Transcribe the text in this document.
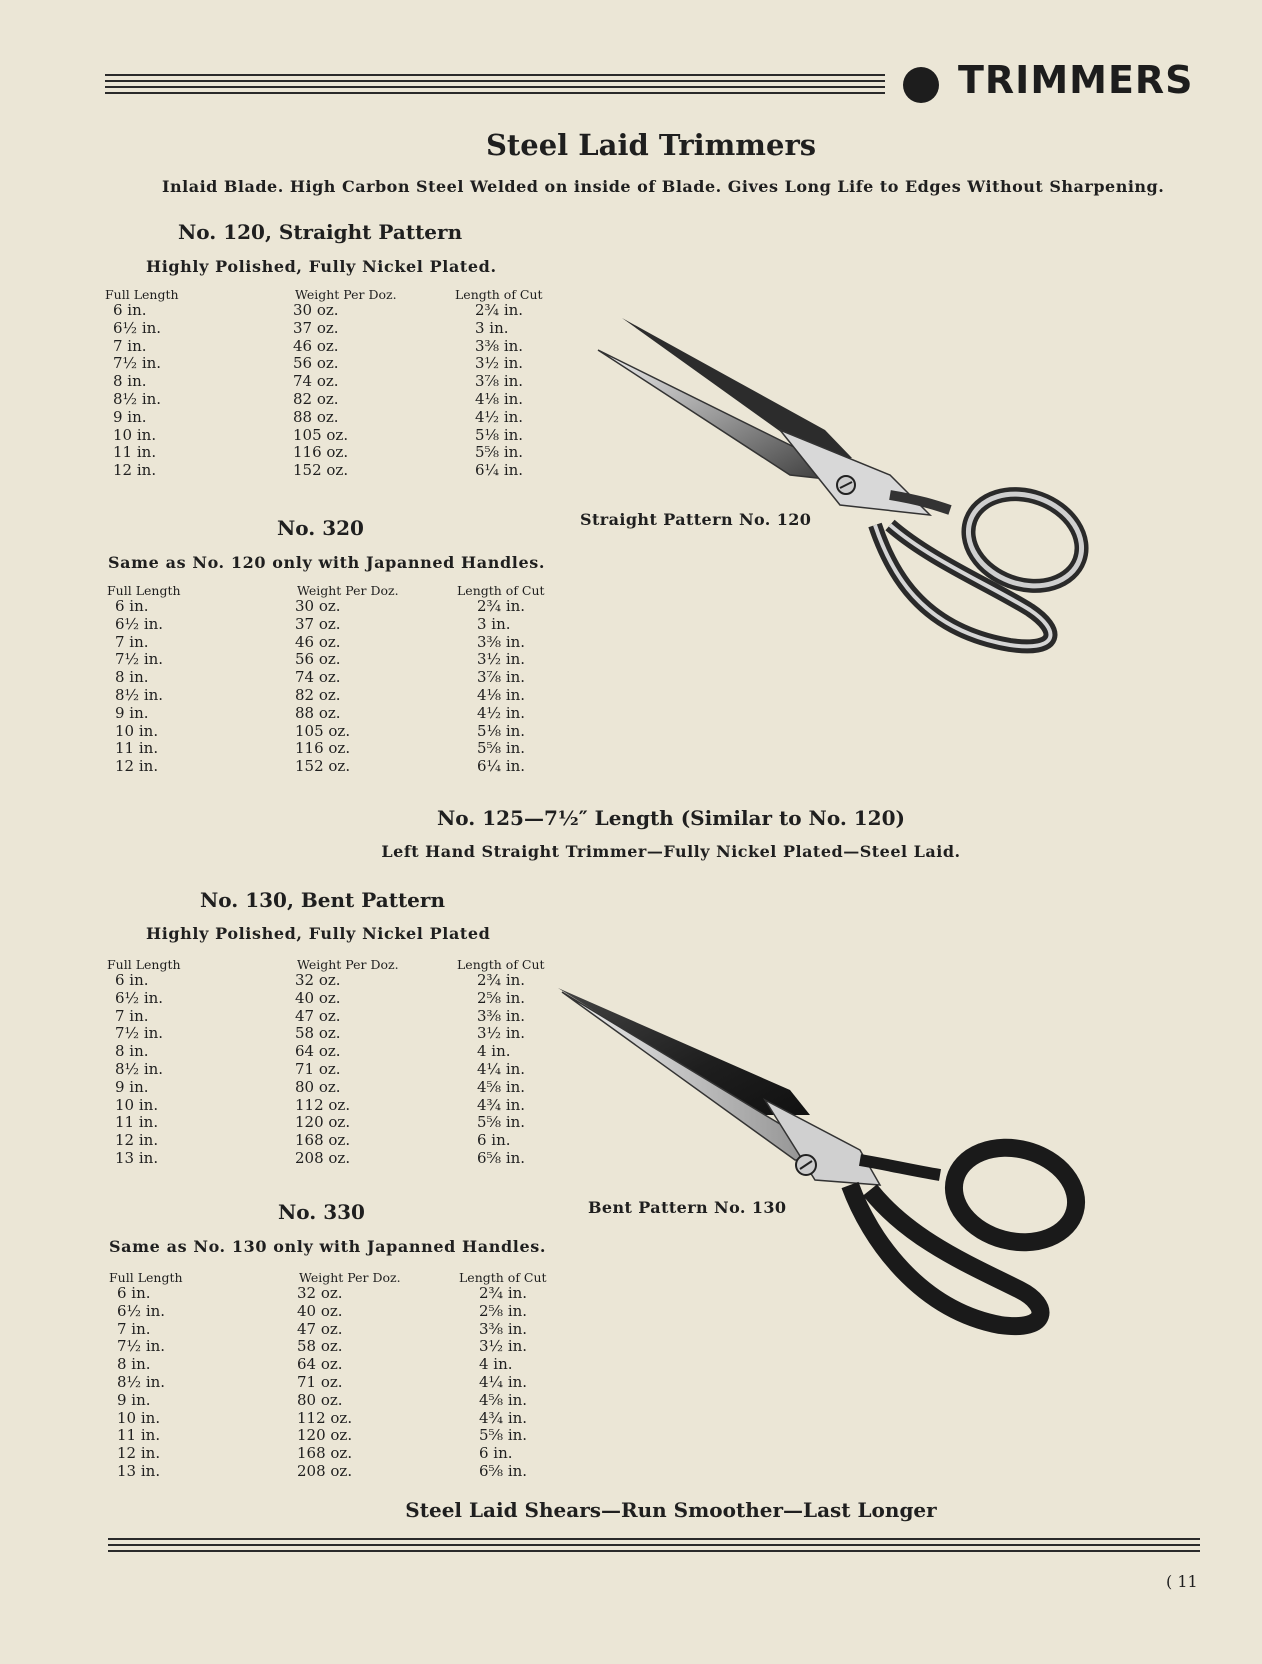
TRIMMERS
Steel Laid Trimmers
Inlaid Blade. High Carbon Steel Welded on inside of Blade. Gives Long Life to Edges Without Sharpening.
No. 120, Straight Pattern
Highly Polished, Fully Nickel Plated.
Full Length	Weight Per Doz.	Length of Cut
6 in.	30 oz.	2¾ in.
6½ in.	37 oz.	3 in.
7 in.	46 oz.	3⅜ in.
7½ in.	56 oz.	3½ in.
8 in.	74 oz.	3⅞ in.
8½ in.	82 oz.	4⅛ in.
9 in.	88 oz.	4½ in.
10 in.	105 oz.	5⅛ in.
11 in.	116 oz.	5⅝ in.
12 in.	152 oz.	6¼ in.
No. 320
Same as No. 120 only with Japanned Handles.
Full Length	Weight Per Doz.	Length of Cut
6 in.	30 oz.	2¾ in.
6½ in.	37 oz.	3 in.
7 in.	46 oz.	3⅜ in.
7½ in.	56 oz.	3½ in.
8 in.	74 oz.	3⅞ in.
8½ in.	82 oz.	4⅛ in.
9 in.	88 oz.	4½ in.
10 in.	105 oz.	5⅛ in.
11 in.	116 oz.	5⅝ in.
12 in.	152 oz.	6¼ in.
Straight Pattern No. 120
No. 125—7½″ Length (Similar to No. 120)
Left Hand Straight Trimmer—Fully Nickel Plated—Steel Laid.
No. 130, Bent Pattern
Highly Polished, Fully Nickel Plated
Full Length	Weight Per Doz.	Length of Cut
6 in.	32 oz.	2¾ in.
6½ in.	40 oz.	2⅝ in.
7 in.	47 oz.	3⅜ in.
7½ in.	58 oz.	3½ in.
8 in.	64 oz.	4 in.
8½ in.	71 oz.	4¼ in.
9 in.	80 oz.	4⅝ in.
10 in.	112 oz.	4¾ in.
11 in.	120 oz.	5⅝ in.
12 in.	168 oz.	6 in.
13 in.	208 oz.	6⅝ in.
No. 330
Same as No. 130 only with Japanned Handles.
Full Length	Weight Per Doz.	Length of Cut
6 in.	32 oz.	2¾ in.
6½ in.	40 oz.	2⅝ in.
7 in.	47 oz.	3⅜ in.
7½ in.	58 oz.	3½ in.
8 in.	64 oz.	4 in.
8½ in.	71 oz.	4¼ in.
9 in.	80 oz.	4⅝ in.
10 in.	112 oz.	4¾ in.
11 in.	120 oz.	5⅝ in.
12 in.	168 oz.	6 in.
13 in.	208 oz.	6⅝ in.
Bent Pattern No. 130
Steel Laid Shears—Run Smoother—Last Longer
( 11
